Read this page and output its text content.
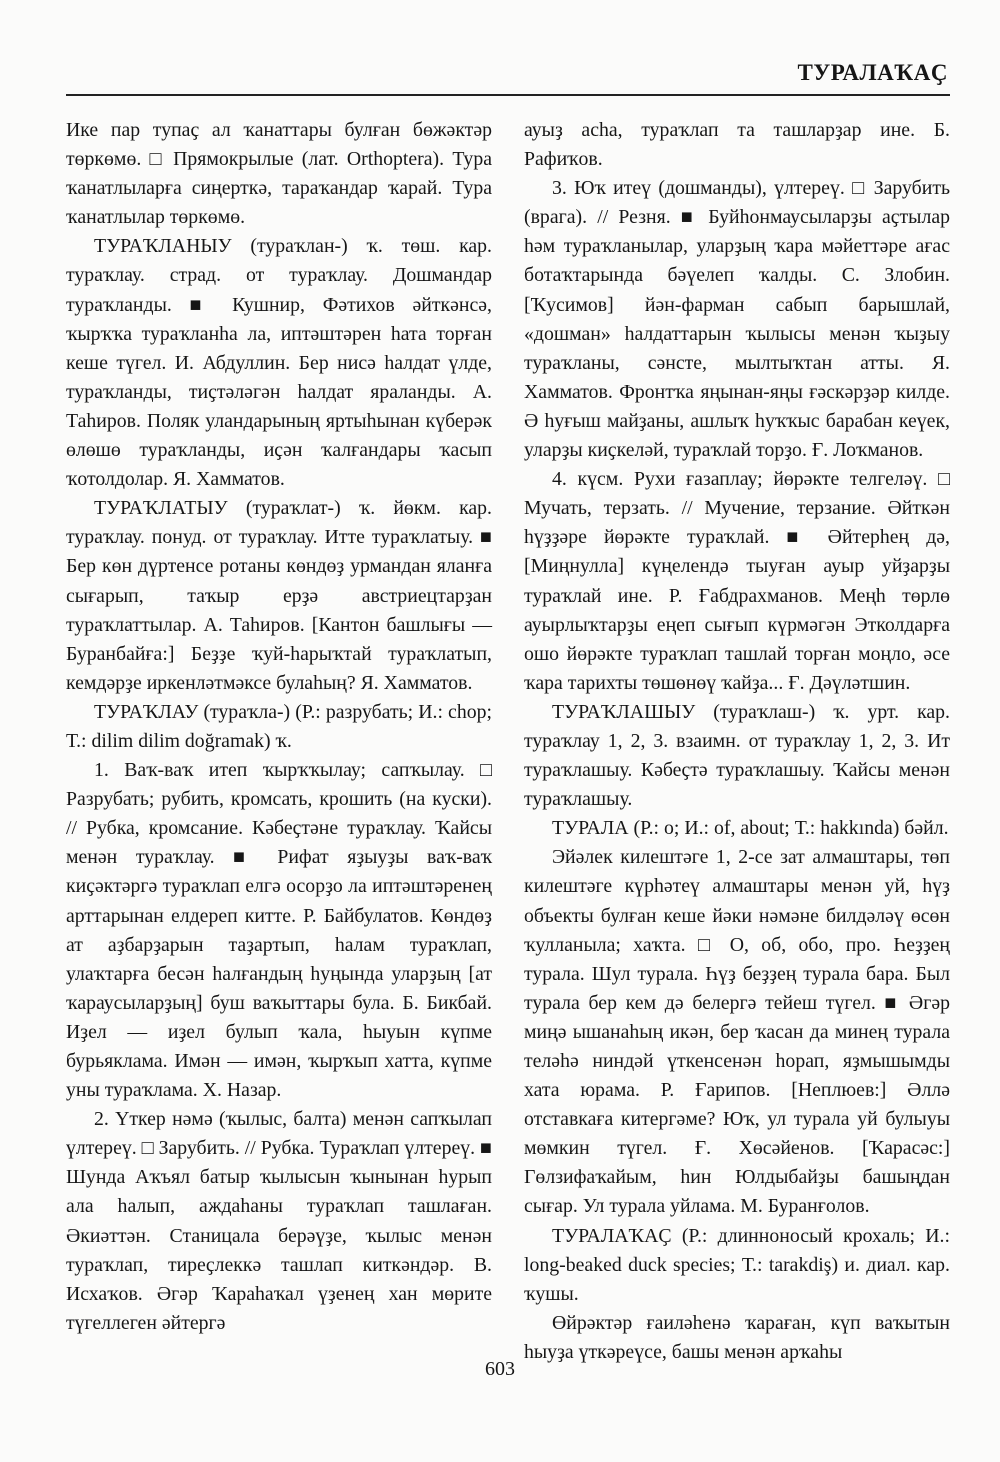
ТУРАЛАҠАҪ

Ике пар тупаҫ ал ҡанаттары булған бөжәктәр төркөмө. □ Прямокрылые (лат. Orthoptera). Тура ҡанатлыларға сиңерткә, тараҡандар ҡарай. Тура ҡанатлылар төркөмө.

ТУРАҠЛАНЫУ (тураҡлан-) ҡ. төш. кар. тураҡлау. страд. от тураҡлау. Дошмандар тураҡланды. ■ Кушнир, Фәтихов әйткәнсә, ҡырҡҡа тураҡланһа ла, иптәштәрен һата торған кеше түгел. И. Абдуллин. Бер нисә һалдат үлде, тураҡланды, тиҫтәләгән һалдат яраланды. А. Таһиров. Поляк уландарының яртыһынан күберәк өлөшө тураҡланды, иҫән ҡалғандары ҡасып ҡотолдолар. Я. Хамматов.

ТУРАҠЛАТЫУ (тураҡлат-) ҡ. йөкм. кар. тураҡлау. понуд. от тураҡлау. Итте тураҡлатыу. ■ Бер көн дүртенсе ротаны көндөҙ урмандан яланға сығарып, таҡыр ерҙә австриецтарҙан тураҡлаттылар. А. Таһиров. [Кантон башлығы — Буранбайға:] Беҙҙе ҡуй-һарыҡтай тураҡлатып, кемдәрҙе иркенләтмәксе булаһың? Я. Хамматов.

ТУРАҠЛАУ (тураҡла-) (Р.: разрубать; И.: chop; Т.: dilim dilim doğramak) ҡ.

1. Ваҡ-ваҡ итеп ҡырҡҡылау; сапҡылау. □ Разрубать; рубить, кромсать, крошить (на куски). // Рубка, кромсание. Кәбеҫтәне тураҡлау. Ҡайсы менән тураҡлау. ■ Рифат яҙыуҙы ваҡ-ваҡ киҫәктәргә тураҡлап елгә осорҙо ла иптәштәренең арттарынан елдереп китте. Р. Байбулатов. Көндөҙ ат аҙбарҙарын таҙартып, һалам тураҡлап, улаҡтарға бесән һалғандың һуңында уларҙың [ат ҡараусыларҙың] буш ваҡыттары була. Б. Бикбай. Иҙел — иҙел булып ҡала, һыуын күпме бурьяклама. Имән — имән, ҡырҡып хатта, күпме уны тураҡлама. Х. Назар.

2. Үткер нәмә (ҡылыс, балта) менән сапҡылап үлтереү. □ Зарубить. // Рубка. Тураҡлап үлтереү. ■ Шунда Аҡъял батыр ҡылысын ҡынынан һурып ала һалып, аждаһаны тураҡлап ташлаған. Әкиәттән. Станицала берәүҙе, ҡылыс менән тураҡлап, тиреҫлеккә ташлап киткәндәр. В. Исхаҡов. Әгәр Ҡараһаҡал үҙенең хан мөрите түгеллеген әйтергә

ауыҙ асһа, тураҡлап та ташларҙар ине. Б. Рафиҡов.

3. Юҡ итеү (дошманды), үлтереү. □ Зарубить (врага). // Резня. ■ Буйһонмаусыларҙы аҫтылар һәм тураҡланылар, уларҙың ҡара мәйеттәре ағас ботаҡтарында бәүелеп ҡалды. С. Злобин. [Ҡусимов] йән-фарман сабып барышлай, «дошман» һалдаттарын ҡылысы менән ҡыҙыу тураҡланы, сәнсте, мылтыҡтан атты. Я. Хамматов. Фронтҡа яңынан-яңы ғәскәрҙәр килде. Ә һуғыш майҙаны, ашлыҡ һуҡҡыс барабан кеүек, уларҙы киҫкеләй, тураҡлай торҙо. Ғ. Лоҡманов.

4. күсм. Рухи ғазаплау; йөрәкте телгеләү. □ Мучать, терзать. // Мучение, терзание. Әйткән һүҙҙәре йөрәкте тураҡлай. ■ Әйтерһең дә, [Миңнулла] күңелендә тыуған ауыр уйҙарҙы тураҡлай ине. Р. Ғабдрахманов. Меңһ төрлө ауырлыҡтарҙы еңеп сығып күрмәгән Этколдарға ошо йөрәкте тураҡлап ташлай торған моңло, әсе ҡара тарихты төшөнөү ҡайҙа... Ғ. Дәүләтшин.

ТУРАҠЛАШЫУ (тураҡлаш-) ҡ. урт. кар. тураҡлау 1, 2, 3. взаимн. от тураҡлау 1, 2, 3. Ит тураҡлашыу. Кәбеҫтә тураҡлашыу. Ҡайсы менән тураҡлашыу.

ТУРАЛА (Р.: о; И.: of, about; Т.: hakkında) бәйл.

Эйәлек килештәге 1, 2-се зат алмаштары, төп килештәге күрһәтеү алмаштары менән уй, һүҙ объекты булған кеше йәки нәмәне билдәләү өсөн ҡулланыла; хаҡта. □ О, об, обо, про. Һеҙҙең турала. Шул турала. Һүҙ беҙҙең турала бара. Был турала бер кем дә белергә тейеш түгел. ■ Әгәр миңә ышанаһың икән, бер ҡасан да минең турала теләһә ниндәй үткенсенән һорап, яҙмышымды хата юрама. Р. Ғарипов. [Неплюев:] Әллә отставкаға китергәме? Юҡ, ул турала уй булыуы мөмкин түгел. Ғ. Хөсәйенов. [Ҡарасәс:] Гөлзифаҡайым, һин Юлдыбайҙы башыңдан сығар. Ул турала уйлама. М. Буранғолов.

ТУРАЛАҠАҪ (Р.: длинноносый крохаль; И.: long-beaked duck species; Т.: tarakdiş) и. диал. кар. ҡушы.

Өйрәктәр ғаиләһенә ҡараған, күп ваҡытын һыуҙа үткәреүсе, башы менән арҡаһы

603
